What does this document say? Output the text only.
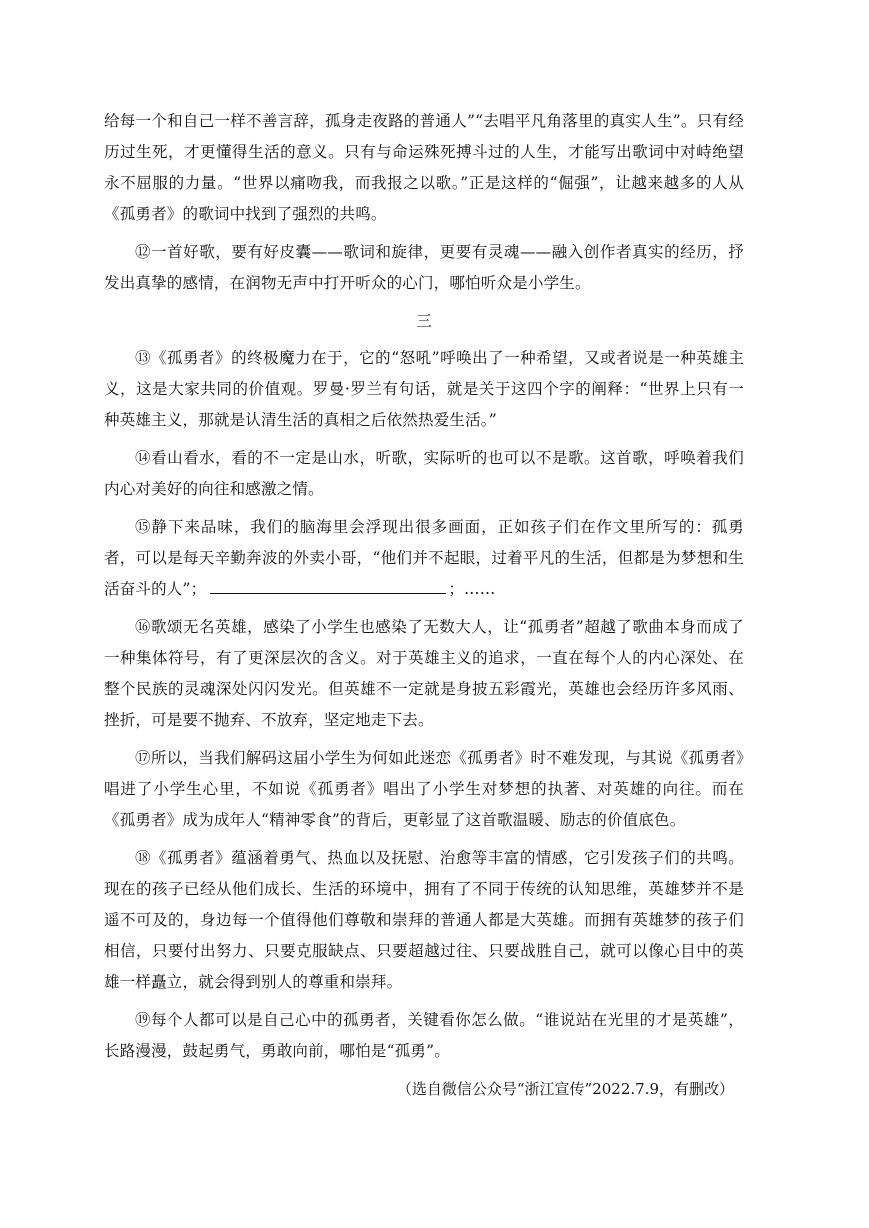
给每一个和自己一样不善言辞，孤身走夜路的普通人”“去唱平凡角落里的真实人生”。只有经历过生死，才更懂得生活的意义。只有与命运殊死搏斗过的人生，才能写出歌词中对峙绝望永不屈服的力量。“世界以痛吻我，而我报之以歌。”正是这样的“倔强”，让越来越多的人从《孤勇者》的歌词中找到了强烈的共鸣。

⑫一首好歌，要有好皮囊——歌词和旋律，更要有灵魂——融入创作者真实的经历，抒发出真挚的感情，在润物无声中打开听众的心门，哪怕听众是小学生。

三

⑬《孤勇者》的终极魔力在于，它的“怒吼”呼唤出了一种希望，又或者说是一种英雄主义，这是大家共同的价值观。罗曼·罗兰有句话，就是关于这四个字的阐释：“世界上只有一种英雄主义，那就是认清生活的真相之后依然热爱生活。”

⑭看山看水，看的不一定是山水，听歌，实际听的也可以不是歌。这首歌，呼唤着我们内心对美好的向往和感激之情。

⑮静下来品味，我们的脑海里会浮现出很多画面，正如孩子们在作文里所写的：孤勇者，可以是每天辛勤奔波的外卖小哥，“他们并不起眼，过着平凡的生活，但都是为梦想和生活奋斗的人”；	；……

⑯歌颂无名英雄，感染了小学生也感染了无数大人，让“孤勇者”超越了歌曲本身而成了一种集体符号，有了更深层次的含义。对于英雄主义的追求，一直在每个人的内心深处、在整个民族的灵魂深处闪闪发光。但英雄不一定就是身披五彩霞光，英雄也会经历许多风雨、挫折，可是要不抛弃、不放弃，坚定地走下去。

⑰所以，当我们解码这届小学生为何如此迷恋《孤勇者》时不难发现，与其说《孤勇者》唱进了小学生心里，不如说《孤勇者》唱出了小学生对梦想的执著、对英雄的向往。而在《孤勇者》成为成年人“精神零食”的背后，更彰显了这首歌温暖、励志的价值底色。

⑱《孤勇者》蕴涵着勇气、热血以及抚慰、治愈等丰富的情感，它引发孩子们的共鸣。现在的孩子已经从他们成长、生活的环境中，拥有了不同于传统的认知思维，英雄梦并不是遥不可及的，身边每一个值得他们尊敬和崇拜的普通人都是大英雄。而拥有英雄梦的孩子们相信，只要付出努力、只要克服缺点、只要超越过往、只要战胜自己，就可以像心目中的英雄一样矗立，就会得到别人的尊重和崇拜。

⑲每个人都可以是自己心中的孤勇者，关键看你怎么做。“谁说站在光里的才是英雄”，长路漫漫，鼓起勇气，勇敢向前，哪怕是“孤勇”。

（选自微信公众号“浙江宣传”2022.7.9，有删改）
